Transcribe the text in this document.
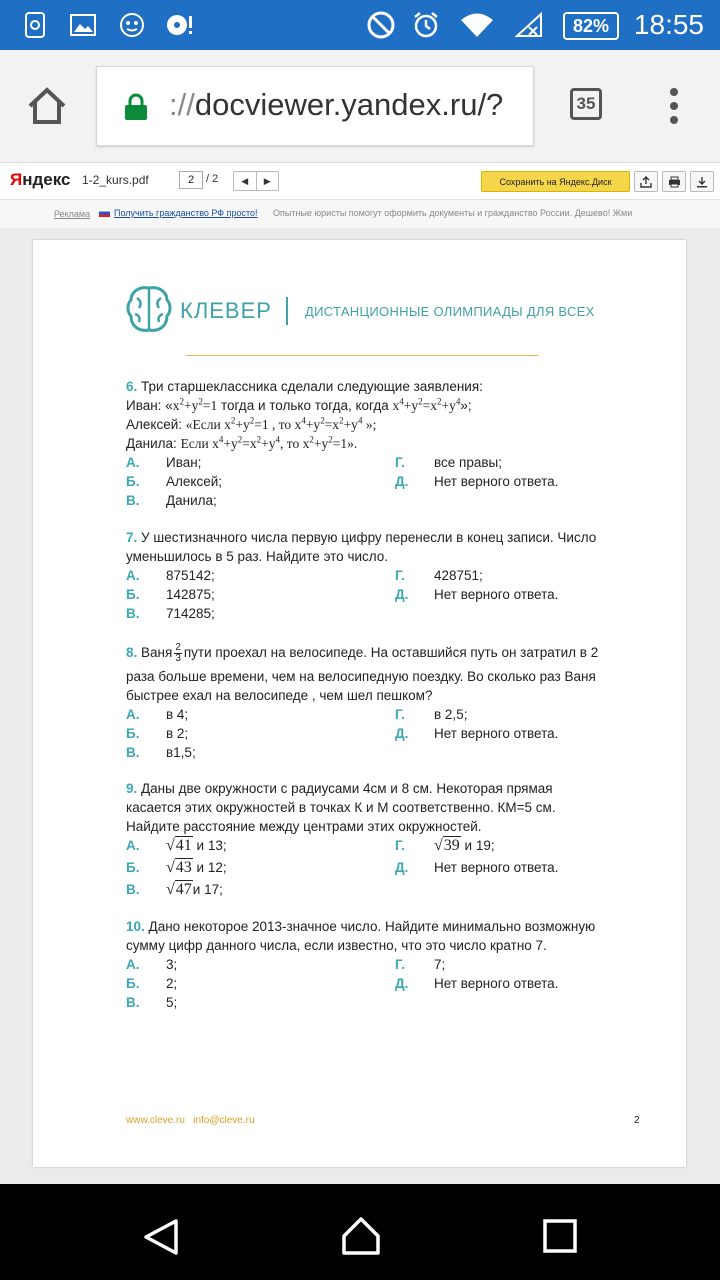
82% 18:55
://docviewer.yandex.ru/?	35
Яндекс 1-2_kurs.pdf	2	/ 2	◀	▶	Сохранить на Яндекс.Диск
Реклама	Получить гражданство РФ просто! Опытные юристы помогут оформить документы и гражданство России. Дешево! Жми
КЛЕВЕР	ДИСТАНЦИОННЫЕ ОЛИМПИАДЫ ДЛЯ ВСЕХ
6. Три старшеклассника сделали следующие заявления:
Иван: «$x^2+y^2=1$ тогда и только тогда, когда $x^4+y^2=x^2+y^4$»;
Алексей: «Если $x^2+y^2=1$ , то $x^4+y^2=x^2+y^4$ »;
Данила: Если $x^4+y^2=x^2+y^4$, то $x^2+y^2=1$».
А. Иван;	Г. все правы;
Б. Алексей;	Д. Нет верного ответа.
В. Данила;
7. У шестизначного числа первую цифру перенесли в конец записи. Число
уменьшилось в 5 раз. Найдите это число.
А. 875142;	Г. 428751;
Б. 142875;	Д. Нет верного ответа.
В. 714285;
8. Ваня $\frac{2}{3}$ пути проехал на велосипеде. На оставшийся путь он затратил в 2
раза больше времени, чем на велосипедную поездку. Во сколько раз Ваня
быстрее ехал на велосипеде , чем шел пешком?
А. в 4;	Г. в 2,5;
Б. в 2;	Д. Нет верного ответа.
В. в1,5;
9. Даны две окружности с радиусами 4см и 8 см. Некоторая прямая
касается этих окружностей в точках К и М соответственно. КМ=5 см.
Найдите расстояние между центрами этих окружностей.
А. √41 и 13;	Г. √39 и 19;
Б. √43 и 12;	Д. Нет верного ответа.
В. √47и 17;
10. Дано некоторое 2013-значное число. Найдите минимально возможную
сумму цифр данного числа, если известно, что это число кратно 7.
А. 3;	Г. 7;
Б. 2;	Д. Нет верного ответа.
В. 5;
www.cleve.ru info@cleve.ru	2
